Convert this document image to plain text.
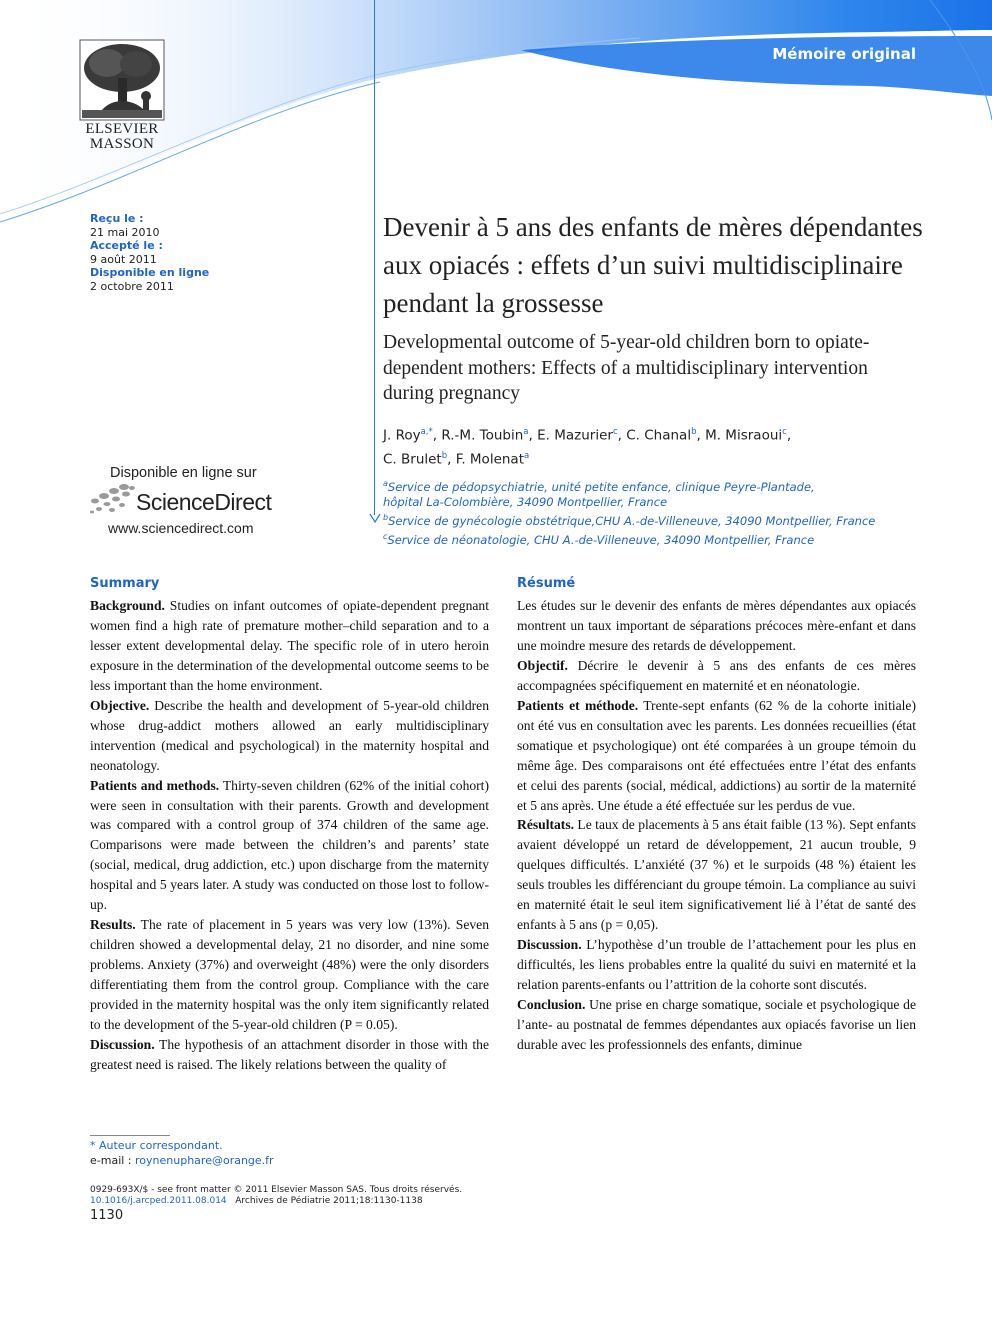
Mémoire original
ELSEVIER
MASSON
Reçu le :
21 mai 2010
Accepté le :
9 août 2011
Disponible en ligne
2 octobre 2011
Disponible en ligne sur
ScienceDirect
www.sciencedirect.com
Devenir à 5 ans des enfants de mères dépendantes aux opiacés : effets d’un suivi multidisciplinaire pendant la grossesse
Developmental outcome of 5-year-old children born to opiate-dependent mothers: Effects of a multidisciplinary intervention during pregnancy
J. Roy$^{a,*}$, R.-M. Toubin$^a$, E. Mazurier$^c$, C. Chanal$^b$, M. Misraoui$^c$,
C. Brulet$^b$, F. Molenat$^a$
$^a$Service de pédopsychiatrie, unité petite enfance, clinique Peyre-Plantade,
hôpital La-Colombière, 34090 Montpellier, France
$^b$Service de gynécologie obstétrique,CHU A.-de-Villeneuve, 34090 Montpellier, France
$^c$Service de néonatologie, CHU A.-de-Villeneuve, 34090 Montpellier, France
Summary

Background. Studies on infant outcomes of opiate-dependent pregnant women find a high rate of premature mother–child separation and to a lesser extent developmental delay. The specific role of in utero heroin exposure in the determination of the developmental outcome seems to be less important than the home environment.

Objective. Describe the health and development of 5-year-old children whose drug-addict mothers allowed an early multidisciplinary intervention (medical and psychological) in the maternity hospital and neonatology.

Patients and methods. Thirty-seven children (62% of the initial cohort) were seen in consultation with their parents. Growth and development was compared with a control group of 374 children of the same age. Comparisons were made between the children’s and parents’ state (social, medical, drug addiction, etc.) upon discharge from the maternity hospital and 5 years later. A study was conducted on those lost to follow-up.

Results. The rate of placement in 5 years was very low (13%). Seven children showed a developmental delay, 21 no disorder, and nine some problems. Anxiety (37%) and overweight (48%) were the only disorders differentiating them from the control group. Compliance with the care provided in the maternity hospital was the only item significantly related to the development of the 5-year-old children (P = 0.05).

Discussion. The hypothesis of an attachment disorder in those with the greatest need is raised. The likely relations between the quality of

Résumé

Les études sur le devenir des enfants de mères dépendantes aux opiacés montrent un taux important de séparations précoces mère-enfant et dans une moindre mesure des retards de développement.

Objectif. Décrire le devenir à 5 ans des enfants de ces mères accompagnées spécifiquement en maternité et en néonatologie.

Patients et méthode. Trente-sept enfants (62 % de la cohorte initiale) ont été vus en consultation avec les parents. Les données recueillies (état somatique et psychologique) ont été comparées à un groupe témoin du même âge. Des comparaisons ont été effectuées entre l’état des enfants et celui des parents (social, médical, addictions) au sortir de la maternité et 5 ans après. Une étude a été effectuée sur les perdus de vue.

Résultats. Le taux de placements à 5 ans était faible (13 %). Sept enfants avaient développé un retard de développement, 21 aucun trouble, 9 quelques difficultés. L’anxiété (37 %) et le surpoids (48 %) étaient les seuls troubles les différenciant du groupe témoin. La compliance au suivi en maternité était le seul item significativement lié à l’état de santé des enfants à 5 ans (p = 0,05).

Discussion. L’hypothèse d’un trouble de l’attachement pour les plus en difficultés, les liens probables entre la qualité du suivi en maternité et la relation parents-enfants ou l’attrition de la cohorte sont discutés.

Conclusion. Une prise en charge somatique, sociale et psychologique de l’ante- au postnatal de femmes dépendantes aux opiacés favorise un lien durable avec les professionnels des enfants, diminue

* Auteur correspondant.
e-mail : roynenuphare@orange.fr
0929-693X/$ - see front matter © 2011 Elsevier Masson SAS. Tous droits réservés.
10.1016/j.arcped.2011.08.014 Archives de Pédiatrie 2011;18:1130-1138
1130
